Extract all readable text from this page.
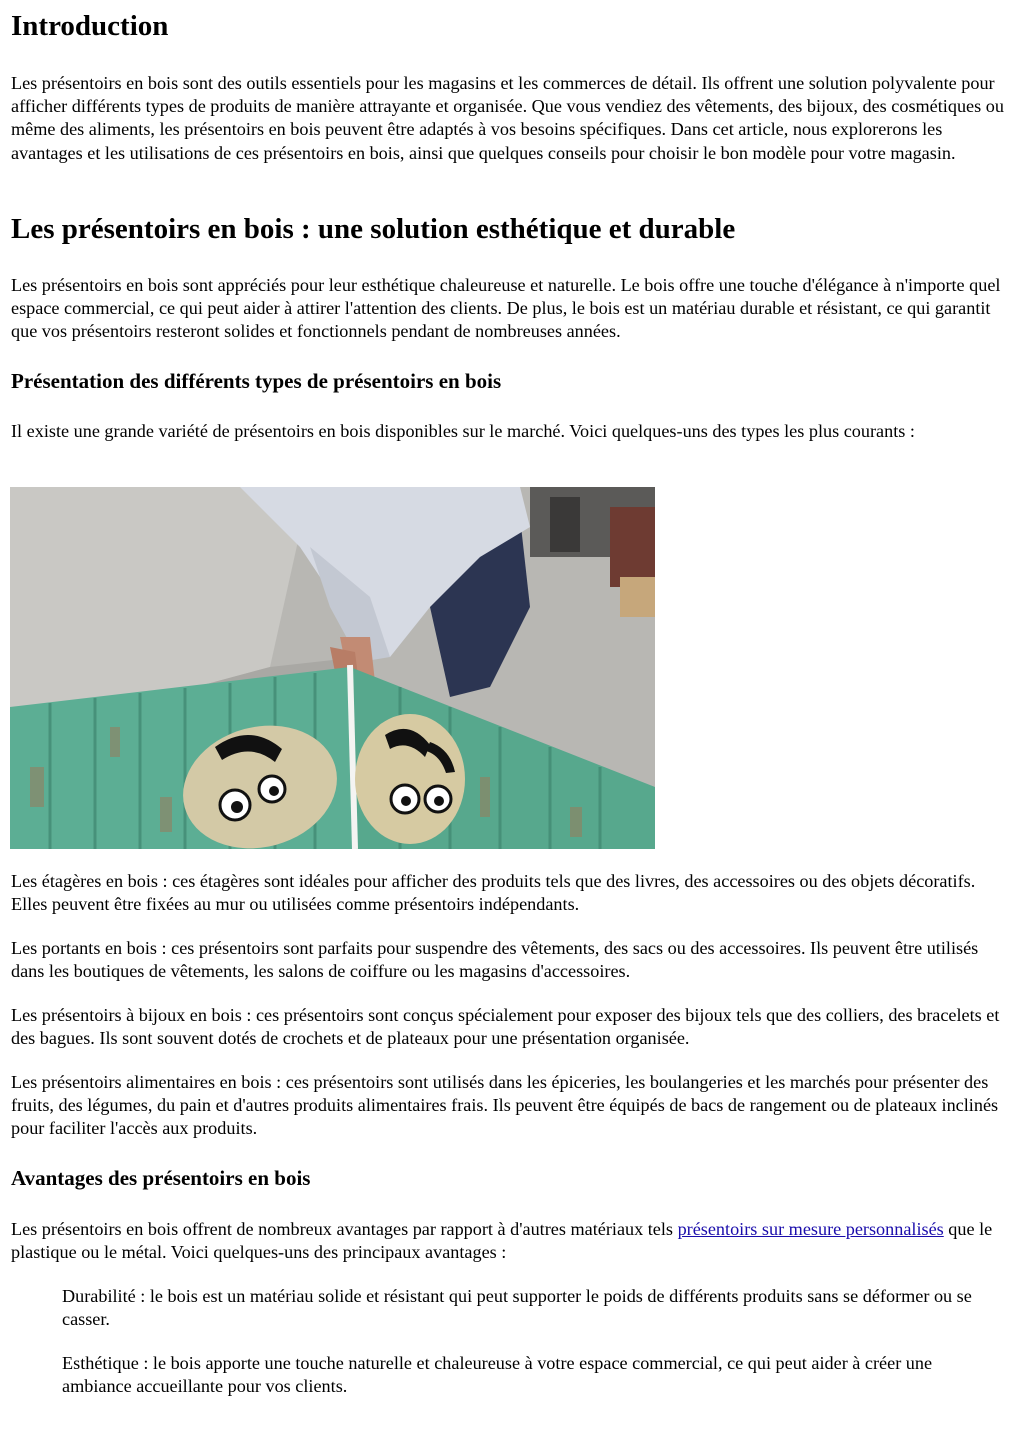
Introduction

Les présentoirs en bois sont des outils essentiels pour les magasins et les commerces de détail. Ils offrent une solution polyvalente pour afficher différents types de produits de manière attrayante et organisée. Que vous vendiez des vêtements, des bijoux, des cosmétiques ou même des aliments, les présentoirs en bois peuvent être adaptés à vos besoins spécifiques. Dans cet article, nous explorerons les avantages et les utilisations de ces présentoirs en bois, ainsi que quelques conseils pour choisir le bon modèle pour votre magasin.

Les présentoirs en bois : une solution esthétique et durable

Les présentoirs en bois sont appréciés pour leur esthétique chaleureuse et naturelle. Le bois offre une touche d'élégance à n'importe quel espace commercial, ce qui peut aider à attirer l'attention des clients. De plus, le bois est un matériau durable et résistant, ce qui garantit que vos présentoirs resteront solides et fonctionnels pendant de nombreuses années.

Présentation des différents types de présentoirs en bois

Il existe une grande variété de présentoirs en bois disponibles sur le marché. Voici quelques-uns des types les plus courants :

Les étagères en bois : ces étagères sont idéales pour afficher des produits tels que des livres, des accessoires ou des objets décoratifs. Elles peuvent être fixées au mur ou utilisées comme présentoirs indépendants.

Les portants en bois : ces présentoirs sont parfaits pour suspendre des vêtements, des sacs ou des accessoires. Ils peuvent être utilisés dans les boutiques de vêtements, les salons de coiffure ou les magasins d'accessoires.

Les présentoirs à bijoux en bois : ces présentoirs sont conçus spécialement pour exposer des bijoux tels que des colliers, des bracelets et des bagues. Ils sont souvent dotés de crochets et de plateaux pour une présentation organisée.

Les présentoirs alimentaires en bois : ces présentoirs sont utilisés dans les épiceries, les boulangeries et les marchés pour présenter des fruits, des légumes, du pain et d'autres produits alimentaires frais. Ils peuvent être équipés de bacs de rangement ou de plateaux inclinés pour faciliter l'accès aux produits.

Avantages des présentoirs en bois

Les présentoirs en bois offrent de nombreux avantages par rapport à d'autres matériaux tels présentoirs sur mesure personnalisés que le plastique ou le métal. Voici quelques-uns des principaux avantages :

Durabilité : le bois est un matériau solide et résistant qui peut supporter le poids de différents produits sans se déformer ou se casser.

Esthétique : le bois apporte une touche naturelle et chaleureuse à votre espace commercial, ce qui peut aider à créer une ambiance accueillante pour vos clients.
